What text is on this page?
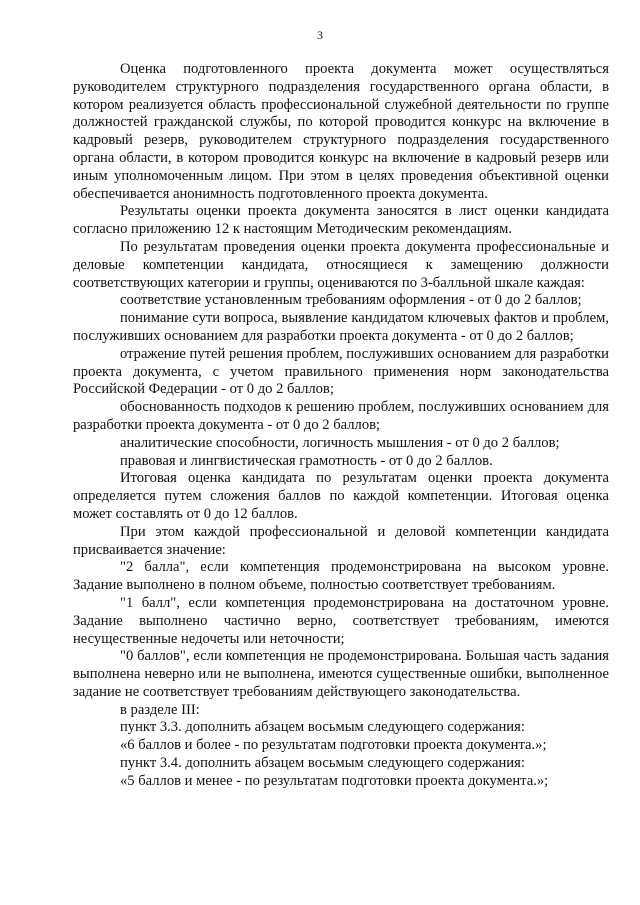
3

Оценка подготовленного проекта документа может осуществляться руководителем структурного подразделения государственного органа области, в котором реализуется область профессиональной служебной деятельности по группе должностей гражданской службы, по которой проводится конкурс на включение в кадровый резерв, руководителем структурного подразделения государственного органа области, в котором проводится конкурс на включение в кадровый резерв или иным уполномоченным лицом. При этом в целях проведения объективной оценки обеспечивается анонимность подготовленного проекта документа.

Результаты оценки проекта документа заносятся в лист оценки кандидата согласно приложению 12 к настоящим Методическим рекомендациям.

По результатам проведения оценки проекта документа профессиональные и деловые компетенции кандидата, относящиеся к замещению должности соответствующих категории и группы, оцениваются по 3-балльной шкале каждая:

соответствие установленным требованиям оформления - от 0 до 2 баллов;

понимание сути вопроса, выявление кандидатом ключевых фактов и проблем, послуживших основанием для разработки проекта документа - от 0 до 2 баллов;

отражение путей решения проблем, послуживших основанием для разработки проекта документа, с учетом правильного применения норм законодательства Российской Федерации - от 0 до 2 баллов;

обоснованность подходов к решению проблем, послуживших основанием для разработки проекта документа - от 0 до 2 баллов;

аналитические способности, логичность мышления - от 0 до 2 баллов;

правовая и лингвистическая грамотность - от 0 до 2 баллов.

Итоговая оценка кандидата по результатам оценки проекта документа определяется путем сложения баллов по каждой компетенции. Итоговая оценка может составлять от 0 до 12 баллов.

При этом каждой профессиональной и деловой компетенции кандидата присваивается значение:

"2 балла", если компетенция продемонстрирована на высоком уровне. Задание выполнено в полном объеме, полностью соответствует требованиям.

"1 балл", если компетенция продемонстрирована на достаточном уровне. Задание выполнено частично верно, соответствует требованиям, имеются несущественные недочеты или неточности;

"0 баллов", если компетенция не продемонстрирована. Большая часть задания выполнена неверно или не выполнена, имеются существенные ошибки, выполненное задание не соответствует требованиям действующего законодательства.

в разделе III:

пункт 3.3. дополнить абзацем восьмым следующего содержания:

«6 баллов и более - по результатам подготовки проекта документа.»;

пункт 3.4. дополнить абзацем восьмым следующего содержания:

«5 баллов и менее - по результатам подготовки проекта документа.»;
